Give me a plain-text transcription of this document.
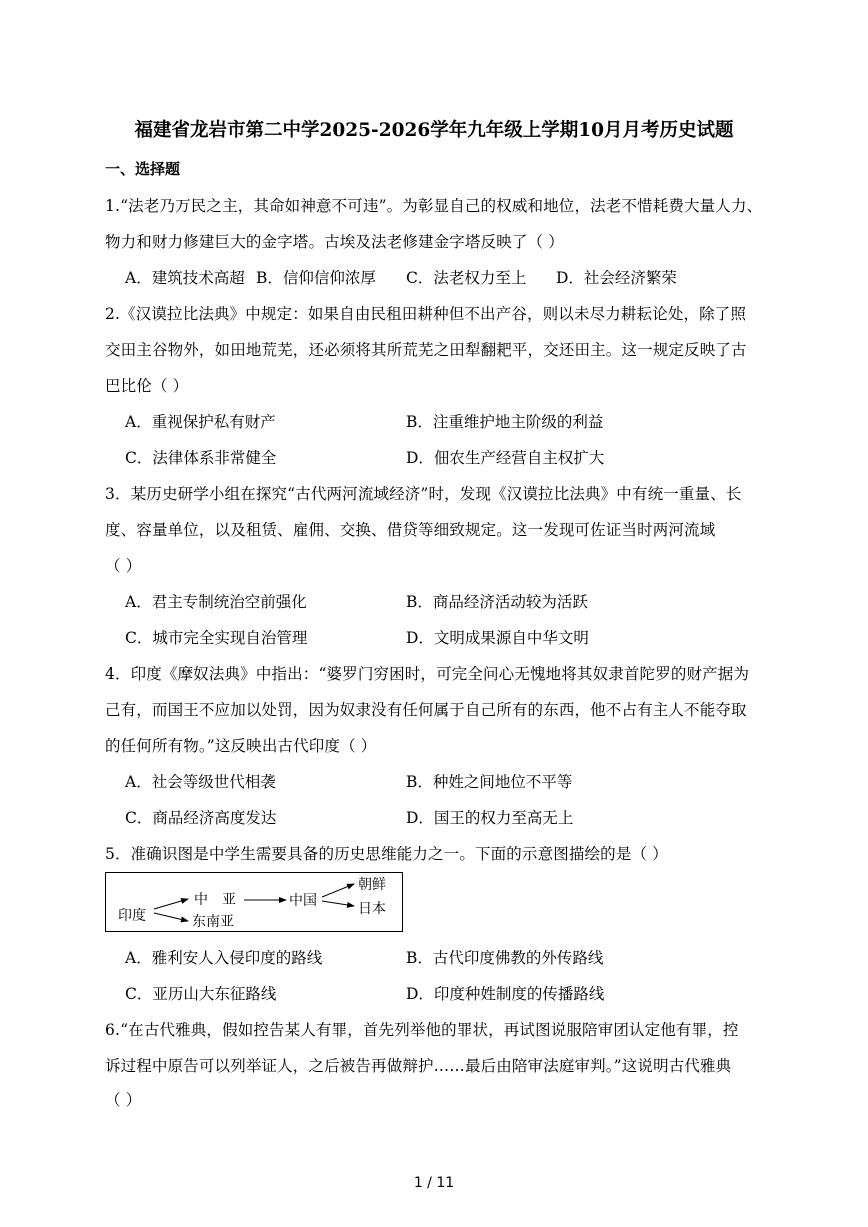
福建省龙岩市第二中学2025-2026学年九年级上学期10月月考历史试题
一、选择题
1.“法老乃万民之主，其命如神意不可违”。为彰显自己的权威和地位，法老不惜耗费大量人力、
物力和财力修建巨大的金字塔。古埃及法老修建金字塔反映了（ ）
A．建筑技术高超 B．信仰信仰浓厚 C．法老权力至上 D．社会经济繁荣
2.《汉谟拉比法典》中规定：如果自由民租田耕种但不出产谷，则以未尽力耕耘论处，除了照
交田主谷物外，如田地荒芜，还必须将其所荒芜之田犁翻耙平，交还田主。这一规定反映了古
巴比伦（ ）
A．重视保护私有财产	B．注重维护地主阶级的利益
C．法律体系非常健全	D．佃农生产经营自主权扩大
3．某历史研学小组在探究“古代两河流域经济”时，发现《汉谟拉比法典》中有统一重量、长
度、容量单位，以及租赁、雇佣、交换、借贷等细致规定。这一发现可佐证当时两河流域
（ ）
A．君主专制统治空前强化	B．商品经济活动较为活跃
C．城市完全实现自治管理	D．文明成果源自中华文明
4．印度《摩奴法典》中指出：“婆罗门穷困时，可完全问心无愧地将其奴隶首陀罗的财产据为
己有，而国王不应加以处罚，因为奴隶没有任何属于自己所有的东西，他不占有主人不能夺取
的任何所有物。”这反映出古代印度（ ）
A．社会等级世代相袭	B．种姓之间地位不平等
C．商品经济高度发达	D．国王的权力至高无上
5．准确识图是中学生需要具备的历史思维能力之一。下面的示意图描绘的是（ ）
印度
中　亚
东南亚
中国
朝鲜
日本
A．雅利安人入侵印度的路线	B．古代印度佛教的外传路线
C．亚历山大东征路线	D．印度种姓制度的传播路线
6.“在古代雅典，假如控告某人有罪，首先列举他的罪状，再试图说服陪审团认定他有罪，控
诉过程中原告可以列举证人，之后被告再做辩护……最后由陪审法庭审判。”这说明古代雅典
（ ）
1 / 11
